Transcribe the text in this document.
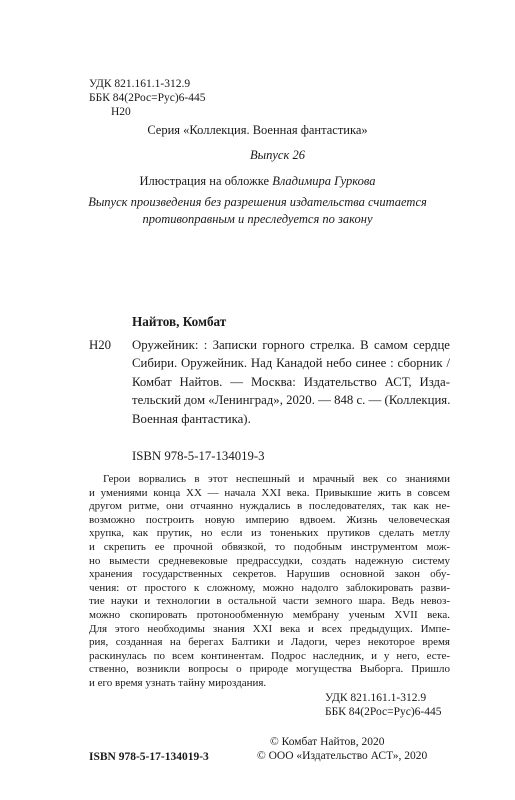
УДК 821.161.1-312.9
ББК 84(2Рос=Рус)6-445
Н20
Серия «Коллекция. Военная фантастика»
Выпуск 26
Илюстрация на обложке Владимира Гуркова
Выпуск произведения без разрешения издательства считается
противоправным и преследуется по закону
Найтов, Комбат
Н20 Оружейник: : Записки горного стрелка. В самом сердце
Сибири. Оружейник. Над Канадой небо синее : сборник /
Комбат Найтов. — Москва: Издательство АСТ, Изда-
тельский дом «Ленинград», 2020. — 848 с. — (Коллекция.
Военная фантастика).
ISBN 978-5-17-134019-3
Герои ворвались в этот неспешный и мрачный век со знаниями
и умениями конца XX — начала XXI века. Привыкшие жить в совсем
другом ритме, они отчаянно нуждались в последователях, так как не-
возможно построить новую империю вдвоем. Жизнь человеческая
хрупка, как прутик, но если из тоненьких прутиков сделать метлу
и скрепить ее прочной обвязкой, то подобным инструментом мож-
но вымести средневековые предрассудки, создать надежную систему
хранения государственных секретов. Нарушив основной закон обу-
чения: от простого к сложному, можно надолго заблокировать разви-
тие науки и технологии в остальной части земного шара. Ведь невоз-
можно скопировать протонообменную мембрану ученым XVII века.
Для этого необходимы знания XXI века и всех предыдущих. Импе-
рия, созданная на берегах Балтики и Ладоги, через некоторое время
раскинулась по всем континентам. Подрос наследник, и у него, есте-
ственно, возникли вопросы о природе могущества Выборга. Пришло
и его время узнать тайну мироздания.
УДК 821.161.1-312.9
ББК 84(2Рос=Рус)6-445
ISBN 978-5-17-134019-3
© Комбат Найтов, 2020
© ООО «Издательство АСТ», 2020
